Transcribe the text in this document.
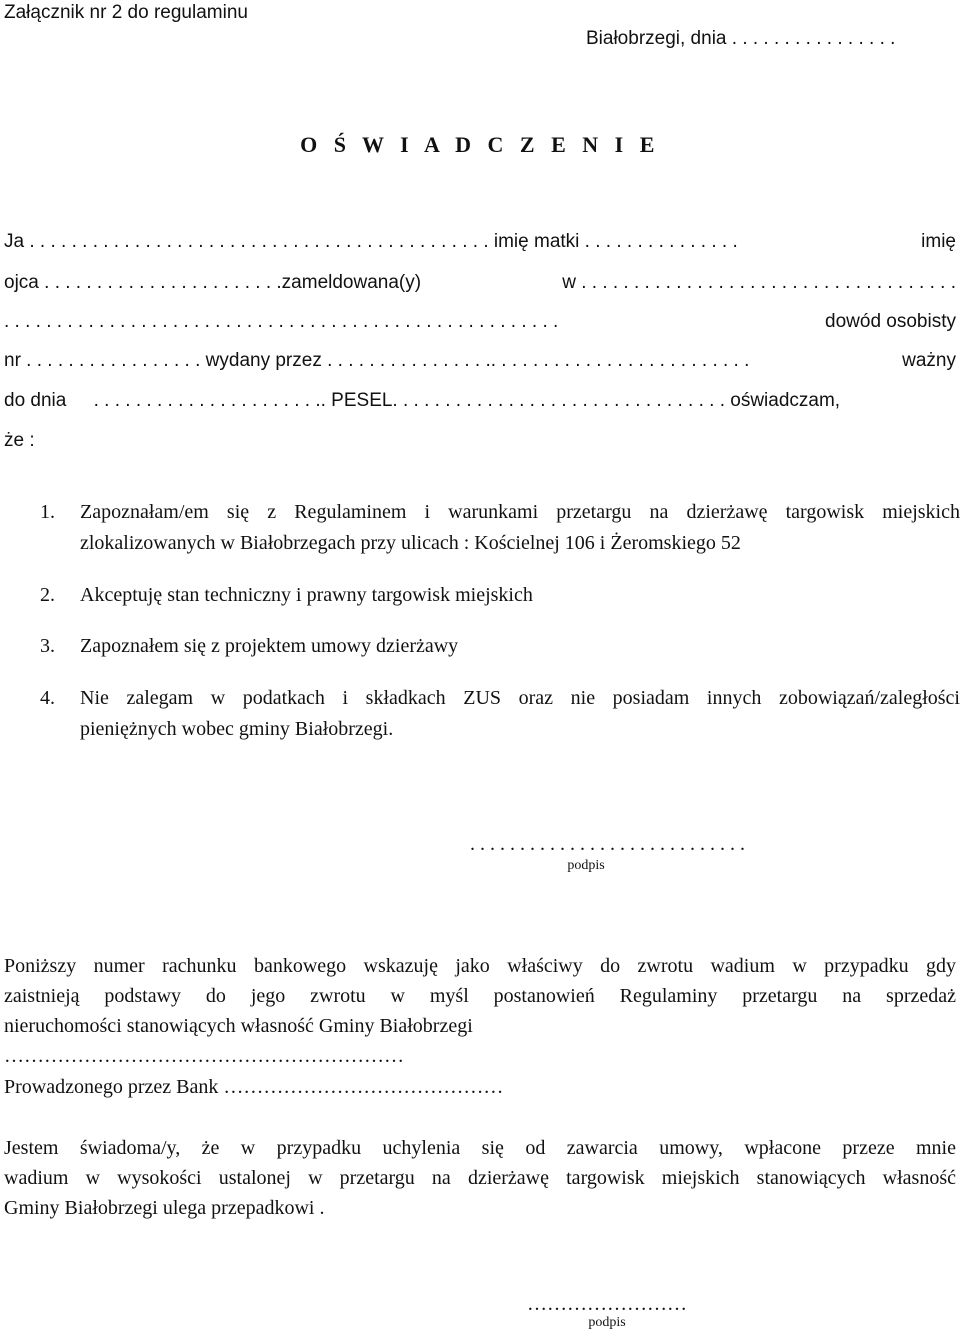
Załącznik nr 2 do regulaminu
Białobrzegi, dnia . . . . . . . . . . . . . . . .
O Ś W I A D C Z E N I E
Ja . . . . . . . . . . . . . . . . . . . . . . . . . . . . . . . . . . . . . . . . . . . . imię matki . . . . . . . . . . . . . . .	imię
ojca . . . . . . . . . . . . . . . . . . . . . . .zameldowana(y)	w . . . . . . . . . . . . . . . . . . . . . . . . . . . . . . . . . . . .
. . . . . . . . . . . . . . . . . . . . . . . . . . . . . . . . . . . . . . . . . . . . . . . . . . . . .	dowód osobisty
nr . . . . . . . . . . . . . . . . . wydany przez . . . . . . . . . . . . . . . .. . . . . . . . . . . . . . . . . . . . . . . . .	ważny
do dnia . . . . . . . . . . . . . . . . . . . . . .. PESEL. . . . . . . . . . . . . . . . . . . . . . . . . . . . . . . . oświadczam,
że :
1. Zapoznałam/em się z Regulaminem i warunkami przetargu na dzierżawę targowisk miejskich
zlokalizowanych w Białobrzegach przy ulicach : Kościelnej 106 i Żeromskiego 52
2. Akceptuję stan techniczny i prawny targowisk miejskich
3. Zapoznałem się z projektem umowy dzierżawy
4. Nie zalegam w podatkach i składkach ZUS oraz nie posiadam innych zobowiązań/zaległości
pieniężnych wobec gminy Białobrzegi.
. . . . . . . . . . . . . . . . . . . . . . . . . . . .
podpis
Poniższy numer rachunku bankowego wskazuję jako właściwy do zwrotu wadium w przypadku gdy
zaistnieją podstawy do jego zwrotu w myśl postanowień Regulaminy przetargu na sprzedaż
nieruchomości stanowiących własność Gminy Białobrzegi
……………………………………………………
Prowadzonego przez Bank ……………………………………
Jestem świadoma/y, że w przypadku uchylenia się od zawarcia umowy, wpłacone przeze mnie
wadium w wysokości ustalonej w przetargu na dzierżawę targowisk miejskich stanowiących własność
Gminy Białobrzegi ulega przepadkowi .
……………………
podpis
